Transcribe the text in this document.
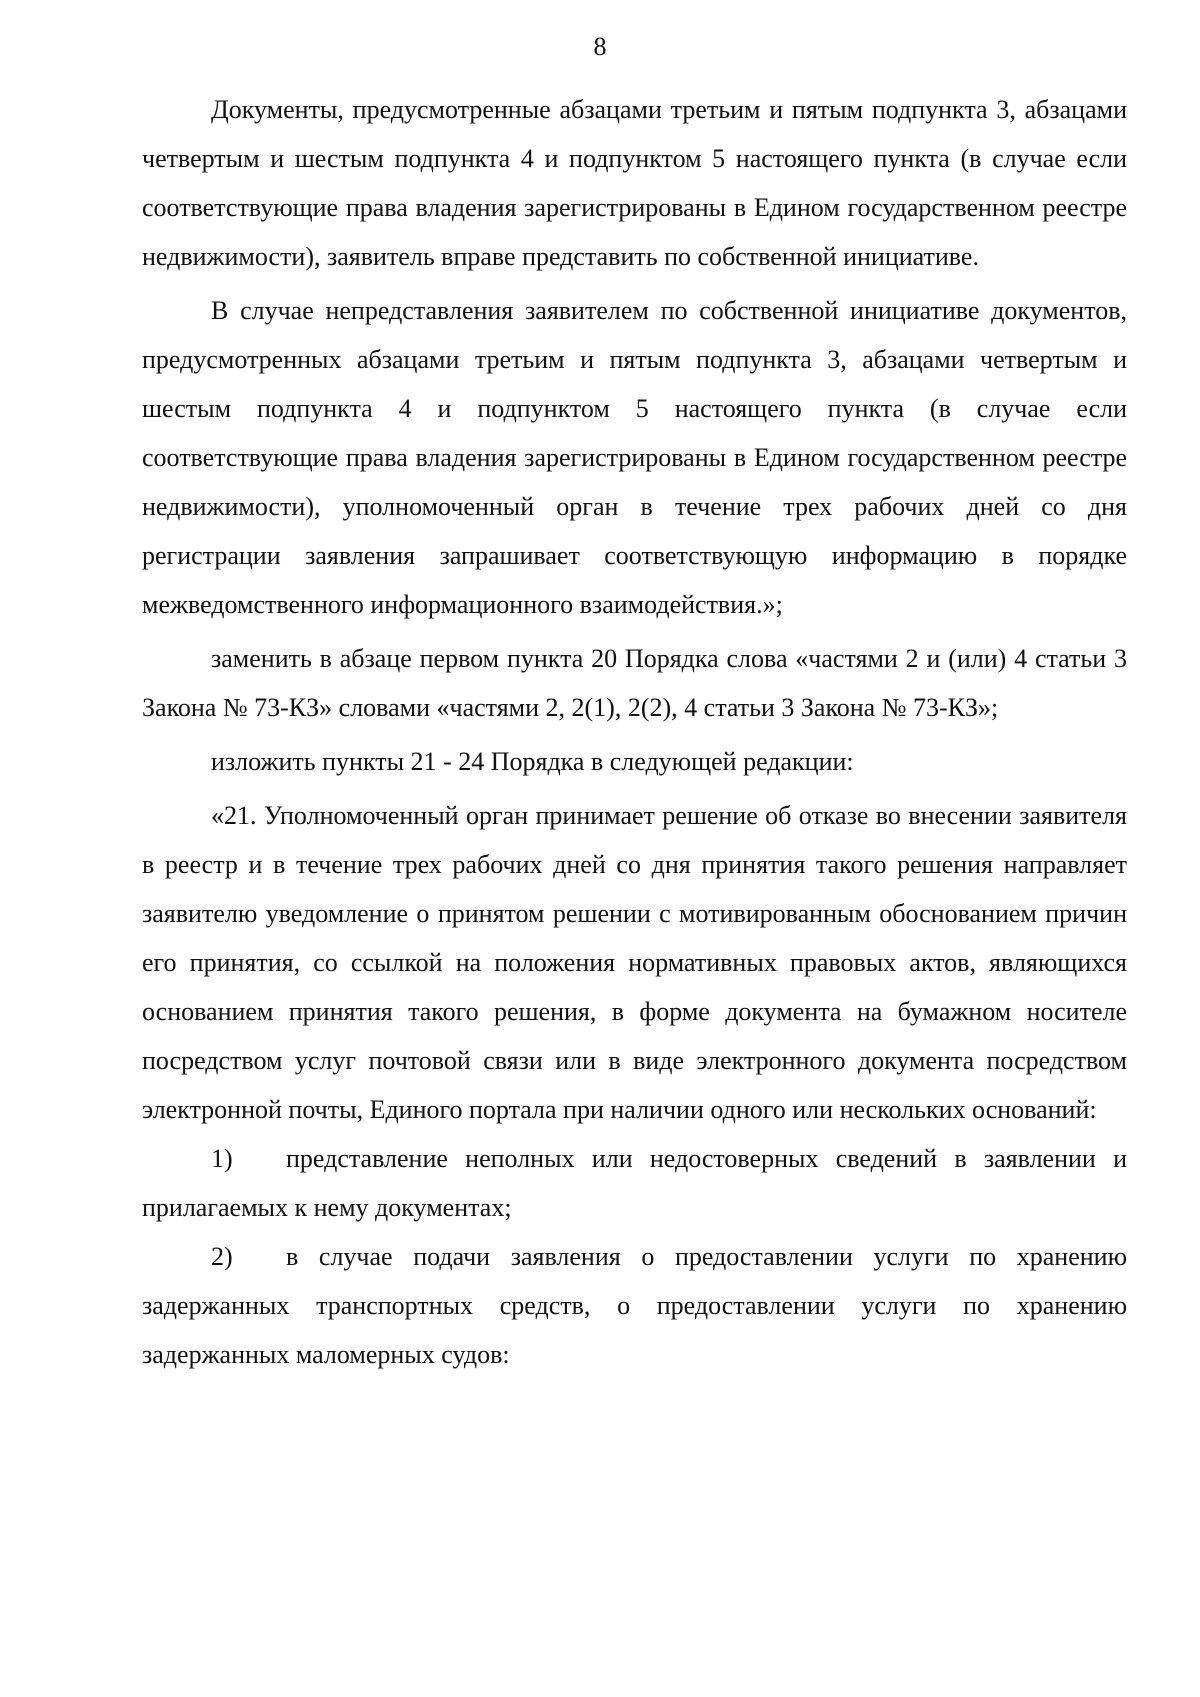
8

Документы, предусмотренные абзацами третьим и пятым подпункта 3, абзацами четвертым и шестым подпункта 4 и подпунктом 5 настоящего пункта (в случае если соответствующие права владения зарегистрированы в Едином государственном реестре недвижимости), заявитель вправе представить по собственной инициативе.

В случае непредставления заявителем по собственной инициативе документов, предусмотренных абзацами третьим и пятым подпункта 3, абзацами четвертым и шестым подпункта 4 и подпунктом 5 настоящего пункта (в случае если соответствующие права владения зарегистрированы в Едином государственном реестре недвижимости), уполномоченный орган в течение трех рабочих дней со дня регистрации заявления запрашивает соответствующую информацию в порядке межведомственного информационного взаимодействия.»;

заменить в абзаце первом пункта 20 Порядка слова «частями 2 и (или) 4 статьи 3 Закона № 73-КЗ» словами «частями 2, 2(1), 2(2), 4 статьи 3 Закона № 73-КЗ»;

изложить пункты 21 - 24 Порядка в следующей редакции:

«21. Уполномоченный орган принимает решение об отказе во внесении заявителя в реестр и в течение трех рабочих дней со дня принятия такого решения направляет заявителю уведомление о принятом решении с мотивированным обоснованием причин его принятия, со ссылкой на положения нормативных правовых актов, являющихся основанием принятия такого решения, в форме документа на бумажном носителе посредством услуг почтовой связи или в виде электронного документа посредством электронной почты, Единого портала при наличии одного или нескольких оснований:

1) представление неполных или недостоверных сведений в заявлении и прилагаемых к нему документах;

2) в случае подачи заявления о предоставлении услуги по хранению задержанных транспортных средств, о предоставлении услуги по хранению задержанных маломерных судов:
